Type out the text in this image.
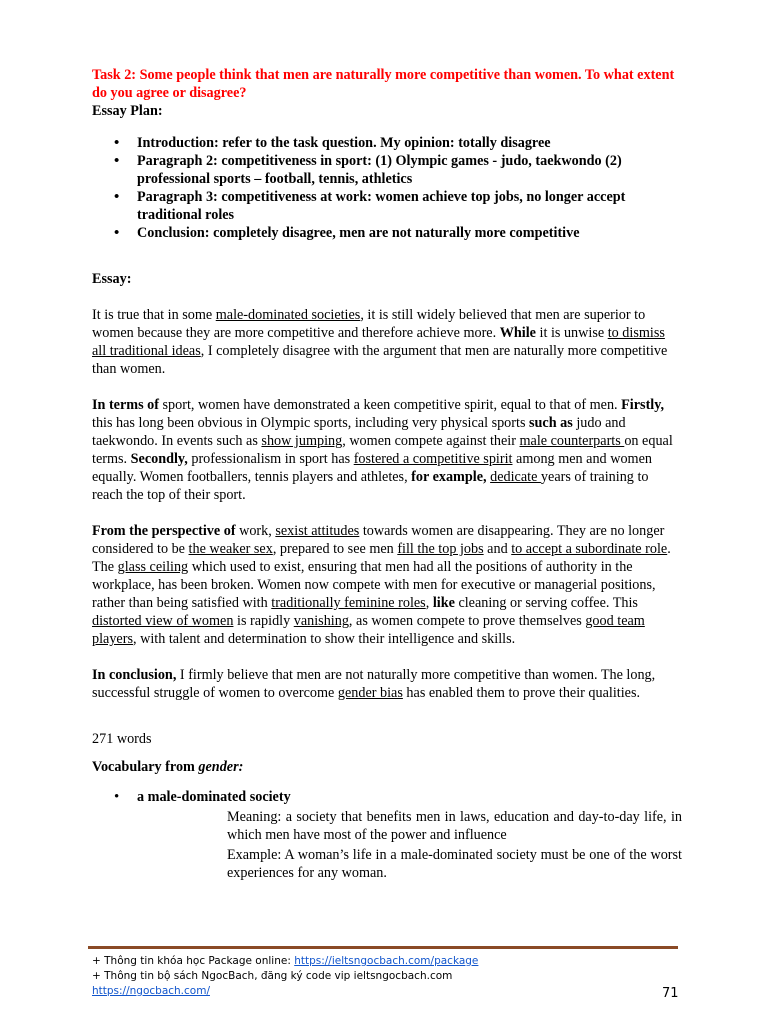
Task 2: Some people think that men are naturally more competitive than women. To what extent do you agree or disagree?

Essay Plan:

• Introduction: refer to the task question. My opinion: totally disagree
• Paragraph 2: competitiveness in sport: (1) Olympic games - judo, taekwondo (2) professional sports – football, tennis, athletics
• Paragraph 3: competitiveness at work: women achieve top jobs, no longer accept traditional roles
• Conclusion: completely disagree, men are not naturally more competitive

Essay:

It is true that in some male-dominated societies, it is still widely believed that men are superior to women because they are more competitive and therefore achieve more. While it is unwise to dismiss all traditional ideas, I completely disagree with the argument that men are naturally more competitive than women.

In terms of sport, women have demonstrated a keen competitive spirit, equal to that of men. Firstly, this has long been obvious in Olympic sports, including very physical sports such as judo and taekwondo. In events such as show jumping, women compete against their male counterparts on equal terms. Secondly, professionalism in sport has fostered a competitive spirit among men and women equally. Women footballers, tennis players and athletes, for example, dedicate years of training to reach the top of their sport.

From the perspective of work, sexist attitudes towards women are disappearing. They are no longer considered to be the weaker sex, prepared to see men fill the top jobs and to accept a subordinate role. The glass ceiling which used to exist, ensuring that men had all the positions of authority in the workplace, has been broken. Women now compete with men for executive or managerial positions, rather than being satisfied with traditionally feminine roles, like cleaning or serving coffee. This distorted view of women is rapidly vanishing, as women compete to prove themselves good team players, with talent and determination to show their intelligence and skills.

In conclusion, I firmly believe that men are not naturally more competitive than women. The long, successful struggle of women to overcome gender bias has enabled them to prove their qualities.

271 words

Vocabulary from gender:

• a male-dominated society
Meaning: a society that benefits men in laws, education and day-to-day life, in which men have most of the power and influence
Example: A woman’s life in a male-dominated society must be one of the worst experiences for any woman.
+ Thông tin khóa học Package online: https://ieltsngocbach.com/package
+ Thông tin bộ sách NgocBach, đăng ký code vip ieltsngocbach.com
https://ngocbach.com/	71
